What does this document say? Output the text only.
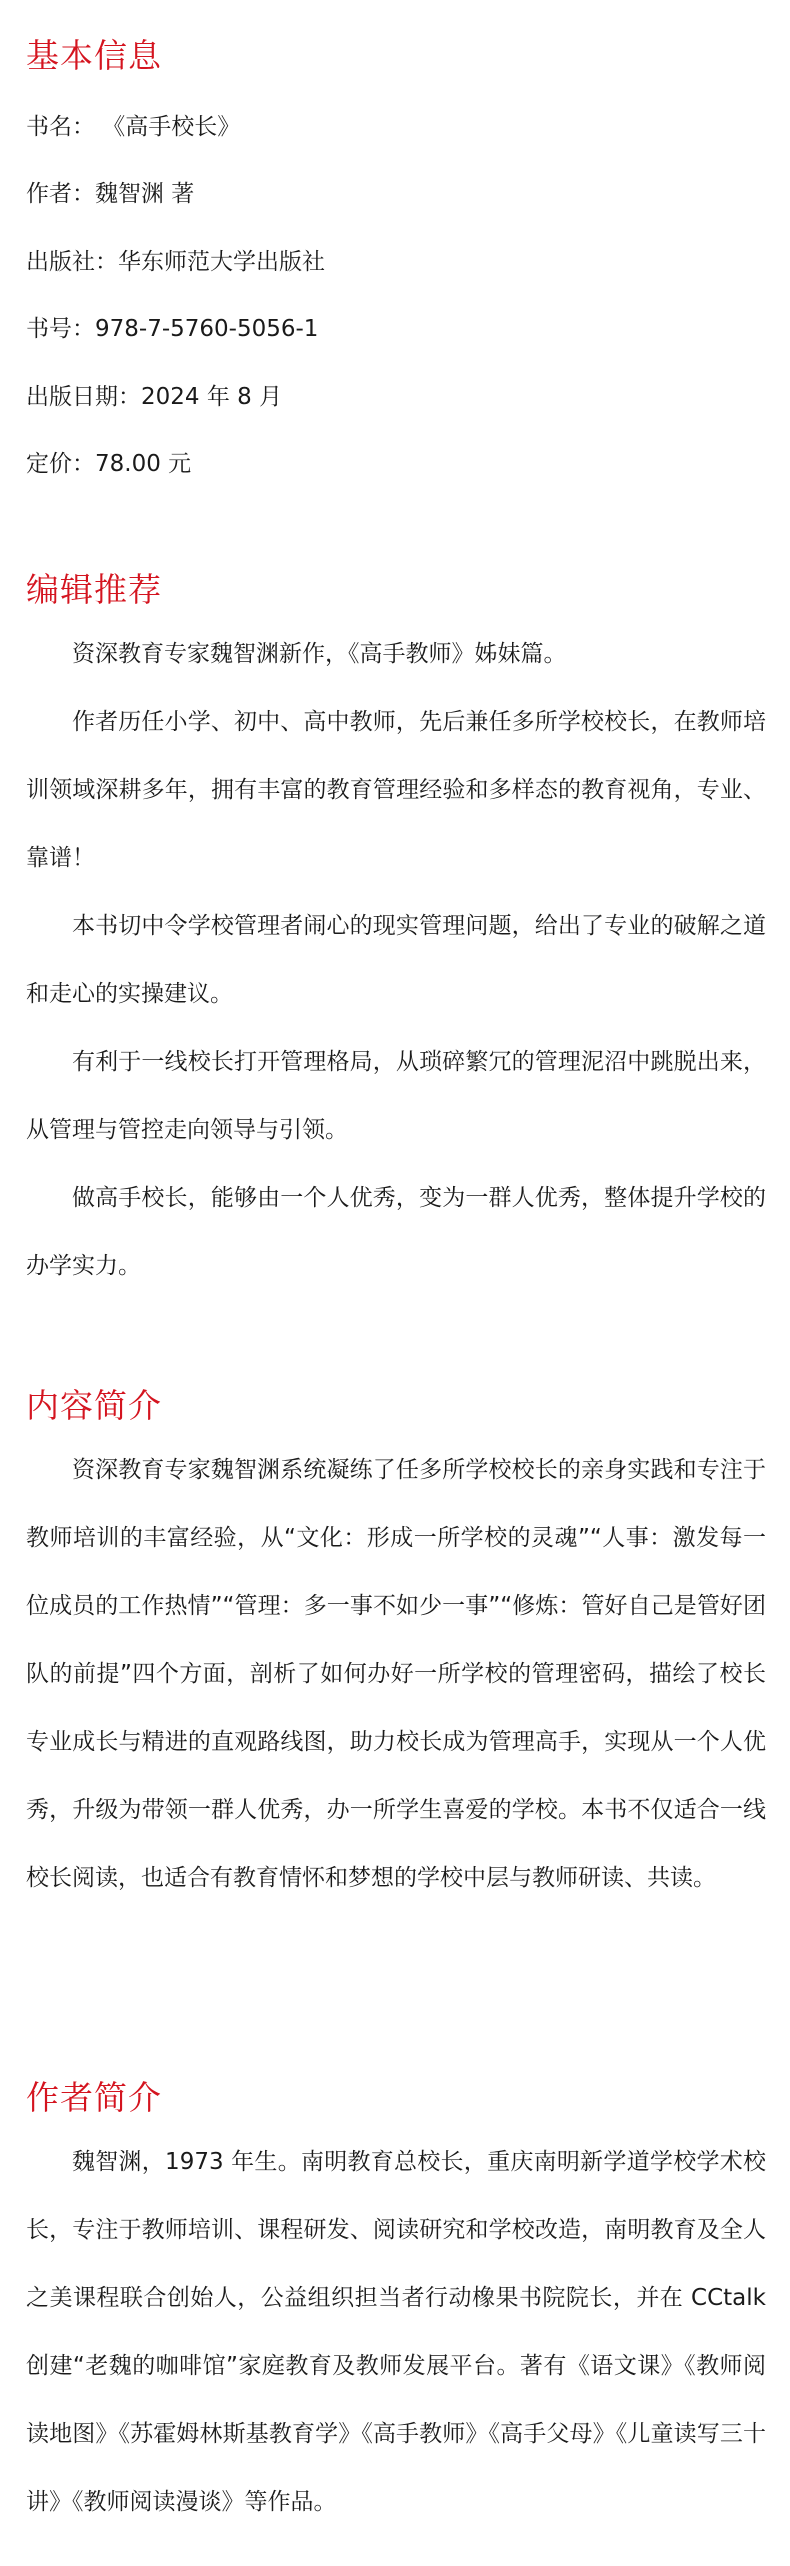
基本信息
书名： 《高手校长》
作者：魏智渊 著
出版社：华东师范大学出版社
书号：978-7-5760-5056-1
出版日期：2024 年 8 月
定价：78.00 元
编辑推荐

资深教育专家魏智渊新作，《高手教师》姊妹篇。

作者历任小学、初中、高中教师，先后兼任多所学校校长，在教师培训领域深耕多年，拥有丰富的教育管理经验和多样态的教育视角，专业、靠谱！

本书切中令学校管理者闹心的现实管理问题，给出了专业的破解之道和走心的实操建议。

有利于一线校长打开管理格局，从琐碎繁冗的管理泥沼中跳脱出来，从管理与管控走向领导与引领。

做高手校长，能够由一个人优秀，变为一群人优秀，整体提升学校的办学实力。

内容简介

资深教育专家魏智渊系统凝练了任多所学校校长的亲身实践和专注于教师培训的丰富经验，从“文化：形成一所学校的灵魂”“人事：激发每一位成员的工作热情”“管理：多一事不如少一事”“修炼：管好自己是管好团队的前提”四个方面，剖析了如何办好一所学校的管理密码，描绘了校长专业成长与精进的直观路线图，助力校长成为管理高手，实现从一个人优秀，升级为带领一群人优秀，办一所学生喜爱的学校。本书不仅适合一线校长阅读，也适合有教育情怀和梦想的学校中层与教师研读、共读。

作者简介

魏智渊，1973 年生。南明教育总校长，重庆南明新学道学校学术校长，专注于教师培训、课程研发、阅读研究和学校改造，南明教育及全人之美课程联合创始人，公益组织担当者行动橡果书院院长，并在 CCtalk 创建“老魏的咖啡馆”家庭教育及教师发展平台。著有《语文课》《教师阅读地图》《苏霍姆林斯基教育学》《高手教师》《高手父母》《儿童读写三十讲》《教师阅读漫谈》等作品。
